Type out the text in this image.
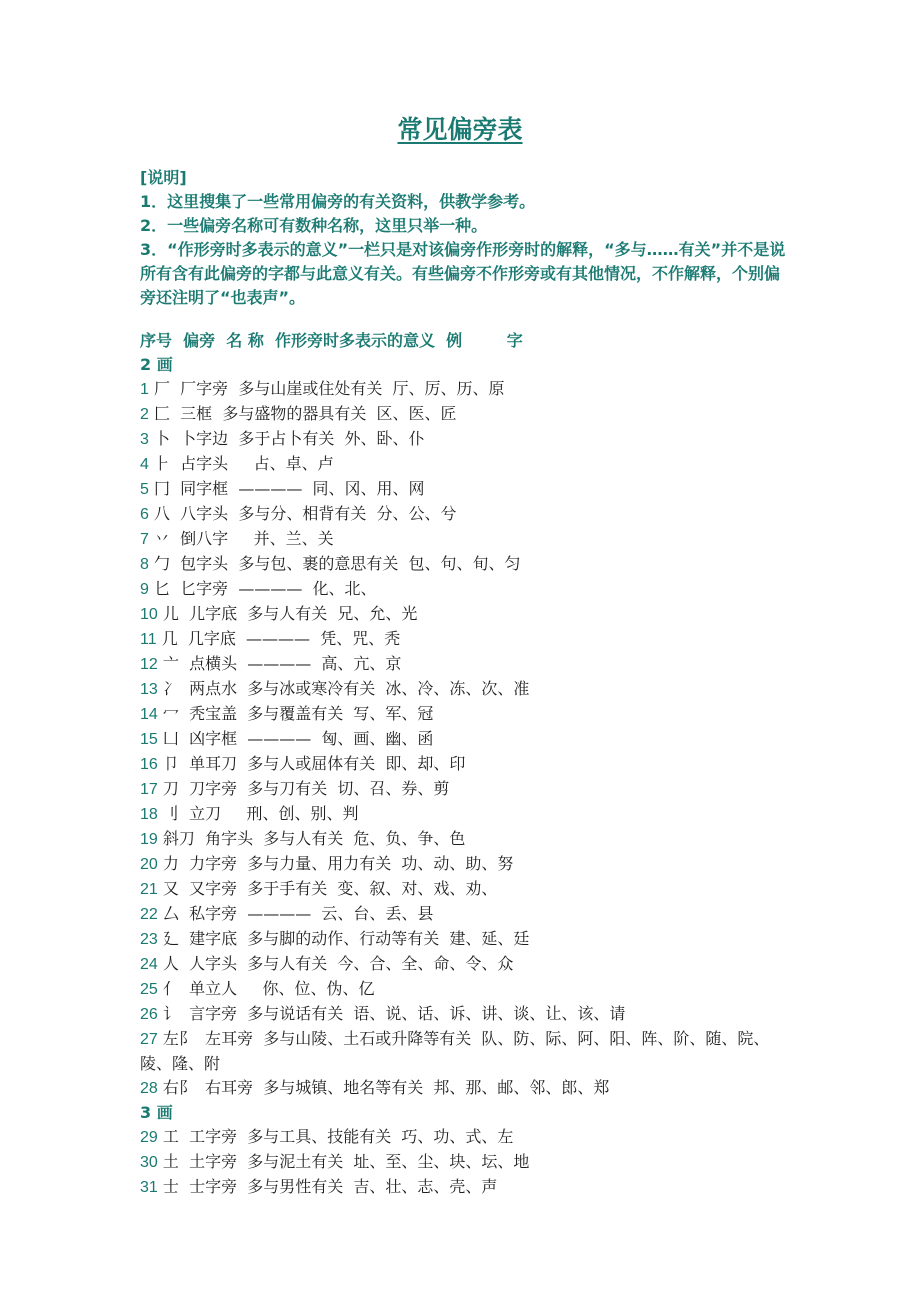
常见偏旁表
[说明]
1．这里搜集了一些常用偏旁的有关资料，供教学参考。
2．一些偏旁名称可有数种名称，这里只举一种。
3．“作形旁时多表示的意义”一栏只是对该偏旁作形旁时的解释，“多与……有关”并不是说所有含有此偏旁的字都与此意义有关。有些偏旁不作形旁或有其他情况，不作解释，个别偏旁还注明了“也表声”。
序号  偏旁  名 称  作形旁时多表示的意义  例        字
2 画
1 厂  厂字旁  多与山崖或住处有关  厅、厉、历、原
2 匚  三框  多与盛物的器具有关  区、医、匠
3 卜  卜字边  多于占卜有关  外、卧、仆
4 ⺊  占字头     占、卓、卢
5 冂  同字框  ————  同、冈、用、网
6 八  八字头  多与分、相背有关  分、公、兮
7 丷  倒八字     并、兰、关
8 勹  包字头  多与包、裹的意思有关  包、句、旬、匀
9 匕  匕字旁  ————  化、北、
10 儿  儿字底  多与人有关  兄、允、光
11 几  几字底  ————  凭、咒、秃
12 亠  点横头  ————  高、亢、京
13 冫  两点水  多与冰或寒冷有关  冰、冷、冻、次、准
14 冖  秃宝盖  多与覆盖有关  写、军、冠
15 凵  凶字框  ————  匈、画、幽、函
16 卩  单耳刀  多与人或屈体有关  即、却、印
17 刀  刀字旁  多与刀有关  切、召、券、剪
18 刂  立刀     刑、创、别、判
19 斜刀  角字头  多与人有关  危、负、争、色
20 力  力字旁  多与力量、用力有关  功、动、助、努
21 又  又字旁  多于手有关  变、叙、对、戏、劝、
22 厶  私字旁  ————  云、台、丢、县
23 廴  建字底  多与脚的动作、行动等有关  建、延、廷
24 人  人字头  多与人有关  今、合、全、命、令、众
25 亻  单立人     你、位、伪、亿
26 讠  言字旁  多与说话有关  语、说、话、诉、讲、谈、让、该、请
27 左阝  左耳旁  多与山陵、土石或升降等有关  队、防、际、阿、阳、阵、阶、随、院、陵、隆、附
28 右阝  右耳旁  多与城镇、地名等有关  邦、那、邮、邻、郎、郑
3 画
29 工  工字旁  多与工具、技能有关  巧、功、式、左
30 土  土字旁  多与泥土有关  址、至、尘、块、坛、地
31 士  士字旁  多与男性有关  吉、壮、志、壳、声
